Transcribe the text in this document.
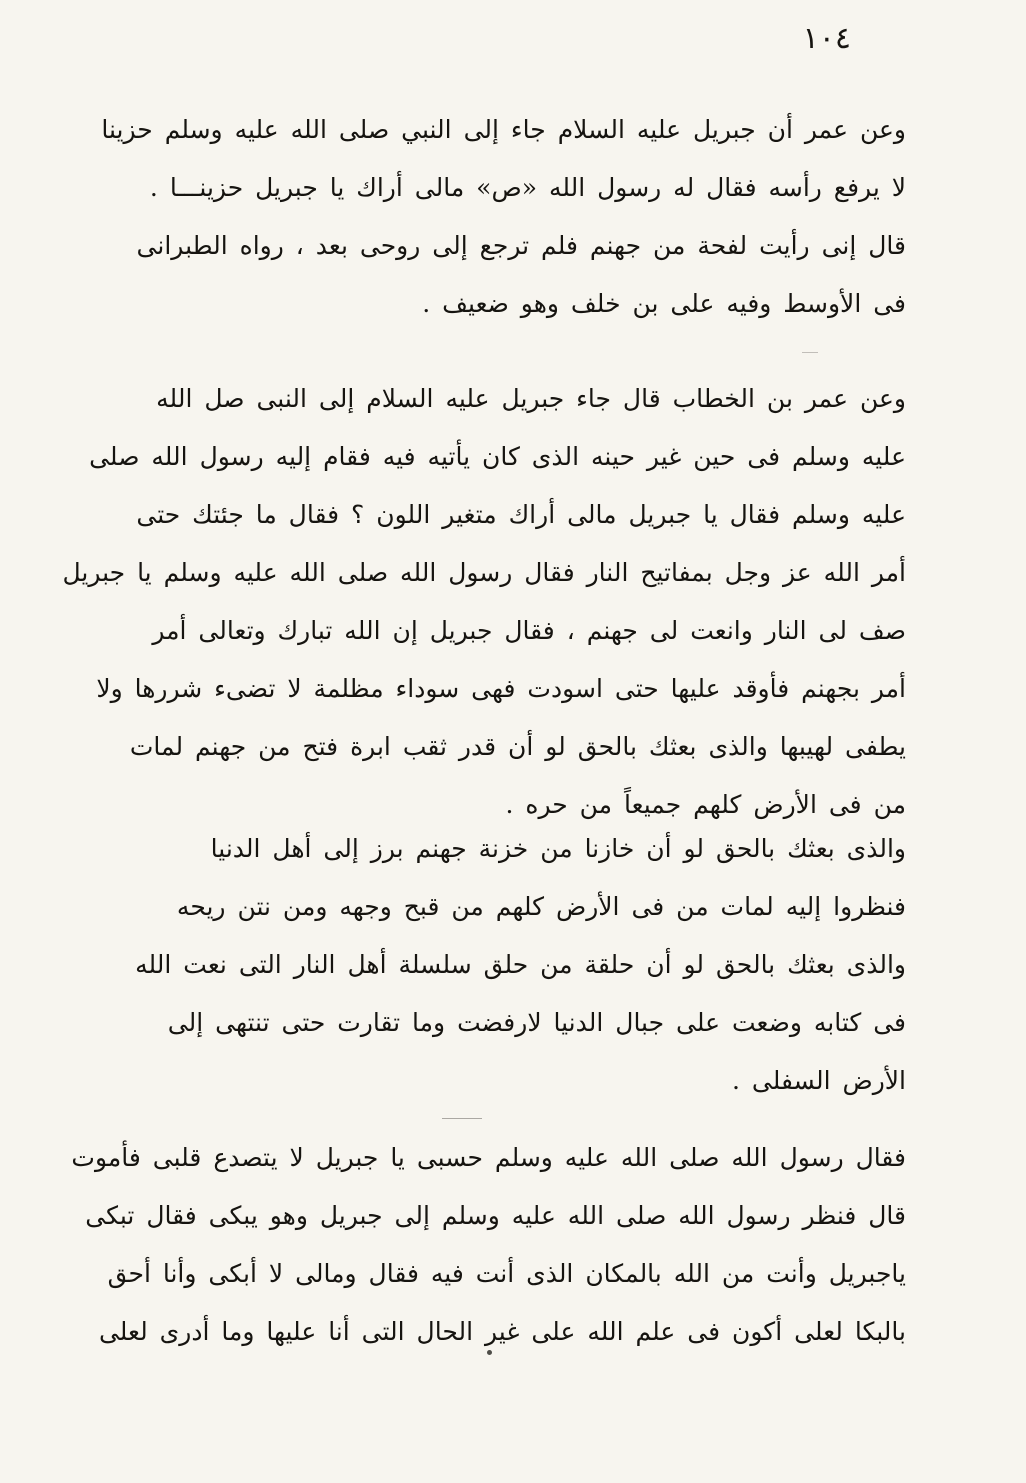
١٠٤

وعن عمر أن جبريل عليه السلام جاء إلى النبي صلى الله عليه وسلم حزينا
لا يرفع رأسه فقال له رسول الله «ص» مالى أراك يا جبريل حزينـــا .
قال إنى رأيت لفحة من جهنم فلم ترجع إلى روحى بعد ، رواه الطبرانى
فى الأوسط وفيه على بن خلف وهو ضعيف .

وعن عمر بن الخطاب قال جاء جبريل عليه السلام إلى النبى صل الله
عليه وسلم فى حين غير حينه الذى كان يأتيه فيه فقام إليه رسول الله صلى
عليه وسلم فقال يا جبريل مالى أراك متغير اللون ؟ فقال ما جئتك حتى
أمر الله عز وجل بمفاتيح النار فقال رسول الله صلى الله عليه وسلم يا جبريل
صف لى النار وانعت لى جهنم ، فقال جبريل إن الله تبارك وتعالى أمر
أمر بجهنم فأوقد عليها حتى اسودت فهى سوداء مظلمة لا تضىء شررها ولا
يطفى لهيبها والذى بعثك بالحق لو أن قدر ثقب ابرة فتح من جهنم لمات
من فى الأرض كلهم جميعاً من حره .

والذى بعثك بالحق لو أن خازنا من خزنة جهنم برز إلى أهل الدنيا
فنظروا إليه لمات من فى الأرض كلهم من قبح وجهه ومن نتن ريحه
والذى بعثك بالحق لو أن حلقة من حلق سلسلة أهل النار التى نعت الله
فى كتابه وضعت على جبال الدنيا لارفضت وما تقارت حتى تنتهى إلى
الأرض السفلى .

فقال رسول الله صلى الله عليه وسلم حسبى يا جبريل لا يتصدع قلبى فأموت
قال فنظر رسول الله صلى الله عليه وسلم إلى جبريل وهو يبكى فقال تبكى
ياجبريل وأنت من الله بالمكان الذى أنت فيه فقال ومالى لا أبكى وأنا أحق
بالبكا لعلى أكون فى علم الله على غير الحال التى أنا عليها وما أدرى لعلى
